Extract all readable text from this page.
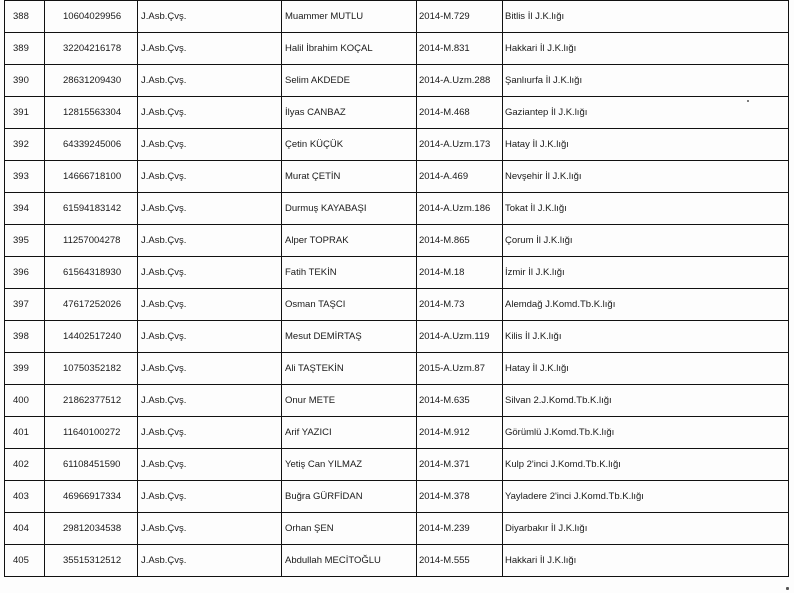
388	10604029956	J.Asb.Çvş.	Muammer MUTLU	2014-M.729	Bitlis İl J.K.lığı
389	32204216178	J.Asb.Çvş.	Halil İbrahim KOÇAL	2014-M.831	Hakkari İl J.K.lığı
390	28631209430	J.Asb.Çvş.	Selim AKDEDE	2014-A.Uzm.288	Şanlıurfa İl J.K.lığı
391	12815563304	J.Asb.Çvş.	İlyas CANBAZ	2014-M.468	Gaziantep İl J.K.lığı
392	64339245006	J.Asb.Çvş.	Çetin KÜÇÜK	2014-A.Uzm.173	Hatay İl J.K.lığı
393	14666718100	J.Asb.Çvş.	Murat ÇETİN	2014-A.469	Nevşehir İl J.K.lığı
394	61594183142	J.Asb.Çvş.	Durmuş KAYABAŞI	2014-A.Uzm.186	Tokat İl J.K.lığı
395	11257004278	J.Asb.Çvş.	Alper TOPRAK	2014-M.865	Çorum İl J.K.lığı
396	61564318930	J.Asb.Çvş.	Fatih TEKİN	2014-M.18	İzmir İl J.K.lığı
397	47617252026	J.Asb.Çvş.	Osman TAŞCI	2014-M.73	Alemdağ J.Komd.Tb.K.lığı
398	14402517240	J.Asb.Çvş.	Mesut DEMİRTAŞ	2014-A.Uzm.119	Kilis İl J.K.lığı
399	10750352182	J.Asb.Çvş.	Ali TAŞTEKİN	2015-A.Uzm.87	Hatay İl J.K.lığı
400	21862377512	J.Asb.Çvş.	Onur METE	2014-M.635	Silvan 2.J.Komd.Tb.K.lığı
401	11640100272	J.Asb.Çvş.	Arif YAZICI	2014-M.912	Görümlü J.Komd.Tb.K.lığı
402	61108451590	J.Asb.Çvş.	Yetiş Can YILMAZ	2014-M.371	Kulp 2'inci J.Komd.Tb.K.lığı
403	46966917334	J.Asb.Çvş.	Buğra GÜRFİDAN	2014-M.378	Yayladere 2'inci J.Komd.Tb.K.lığı
404	29812034538	J.Asb.Çvş.	Orhan ŞEN	2014-M.239	Diyarbakır İl J.K.lığı
405	35515312512	J.Asb.Çvş.	Abdullah MECİTOĞLU	2014-M.555	Hakkari İl J.K.lığı
